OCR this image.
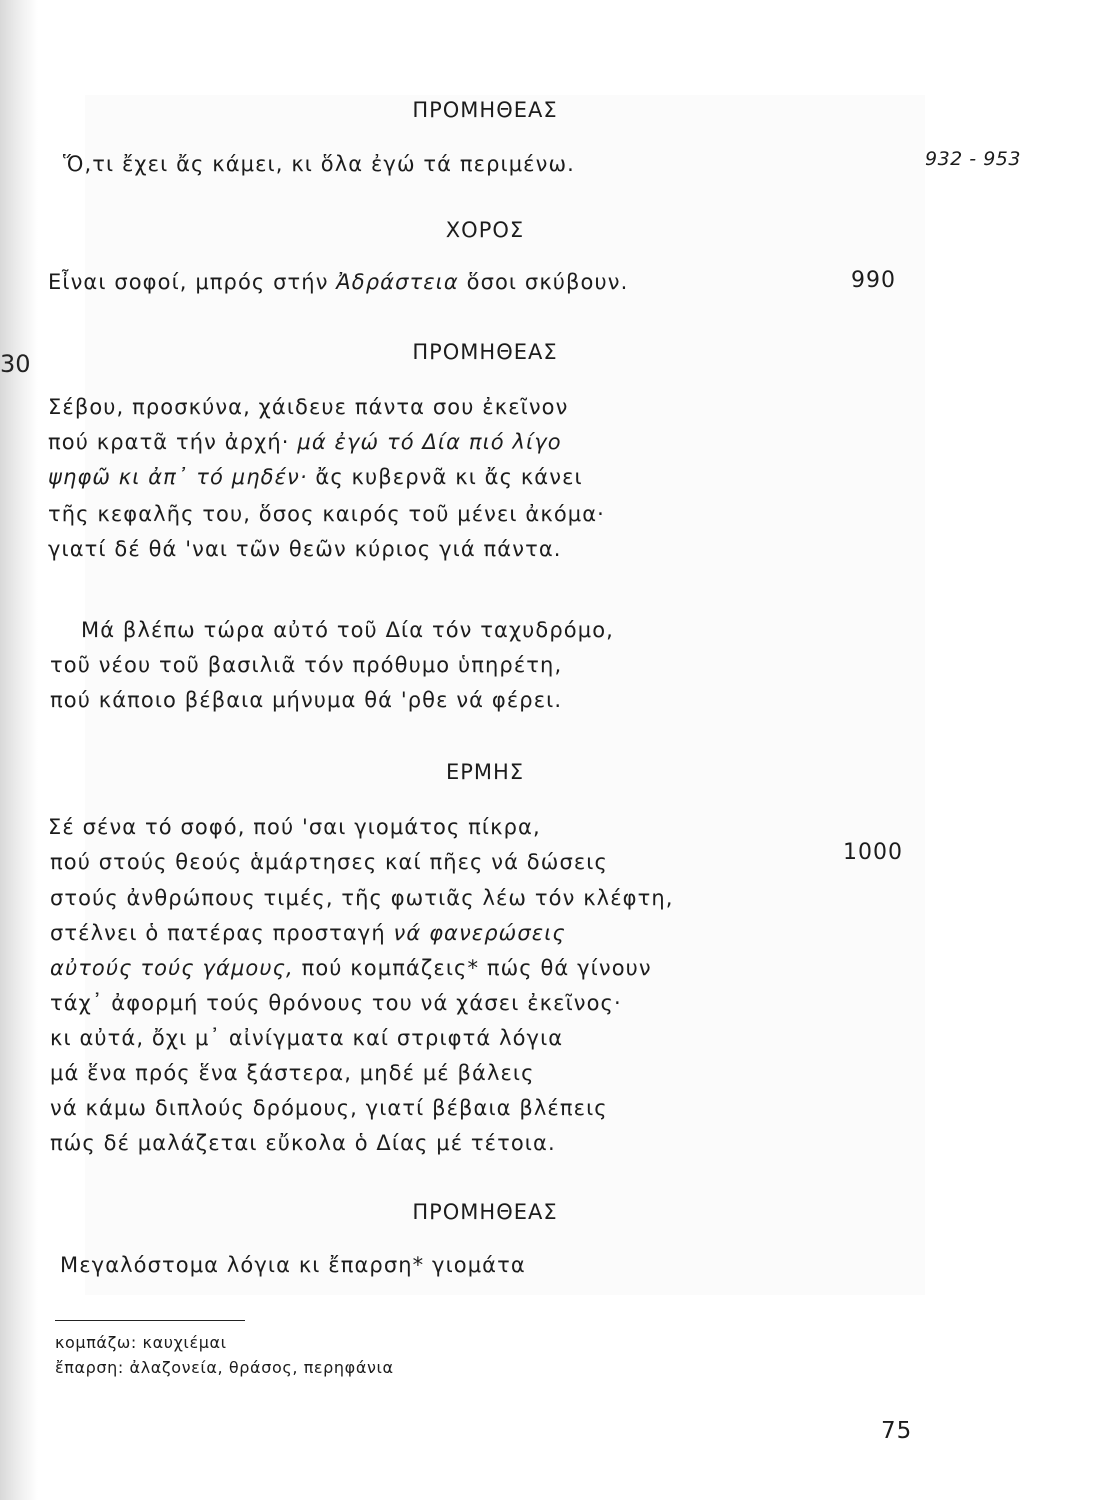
30
932 - 953
ΠΡΟΜΗΘΕΑΣ
Ὅ,τι ἔχει ἄς κάμει, κι ὅλα ἐγώ τά περιμένω.
ΧΟΡΟΣ
Εἶναι σοφοί, μπρός στήν Ἀδράστεια ὅσοι σκύβουν.	990
ΠΡΟΜΗΘΕΑΣ
Σέβου, προσκύνα, χάιδευε πάντα σου ἐκεῖνον
πού κρατᾶ τήν ἀρχή· μά ἐγώ τό Δία πιό λίγο
ψηφῶ κι ἀπ᾿ τό μηδέν· ἄς κυβερνᾶ κι ἄς κάνει
τῆς κεφαλῆς του, ὅσος καιρός τοῦ μένει ἀκόμα·
γιατί δέ θά 'ναι τῶν θεῶν κύριος γιά πάντα.
Μά βλέπω τώρα αὐτό τοῦ Δία τόν ταχυδρόμο,
τοῦ νέου τοῦ βασιλιᾶ τόν πρόθυμο ὑπηρέτη,
πού κάποιο βέβαια μήνυμα θά 'ρθε νά φέρει.
ΕΡΜΗΣ
Σέ σένα τό σοφό, πού 'σαι γιομάτος πίκρα,
πού στούς θεούς ἁμάρτησες καί πῆες νά δώσεις	1000
στούς ἀνθρώπους τιμές, τῆς φωτιᾶς λέω τόν κλέφτη,
στέλνει ὁ πατέρας προσταγή νά φανερώσεις
αὐτούς τούς γάμους, πού κομπάζεις* πώς θά γίνουν
τάχ᾿ ἀφορμή τούς θρόνους του νά χάσει ἐκεῖνος·
κι αὐτά, ὄχι μ᾿ αἰνίγματα καί στριφτά λόγια
μά ἕνα πρός ἕνα ξάστερα, μηδέ μέ βάλεις
νά κάμω διπλούς δρόμους, γιατί βέβαια βλέπεις
πώς δέ μαλάζεται εὔκολα ὁ Δίας μέ τέτοια.
ΠΡΟΜΗΘΕΑΣ
Μεγαλόστομα λόγια κι ἔπαρση* γιομάτα
κομπάζω: καυχιέμαι
ἔπαρση: ἀλαζονεία, θράσος, περηφάνια
75
